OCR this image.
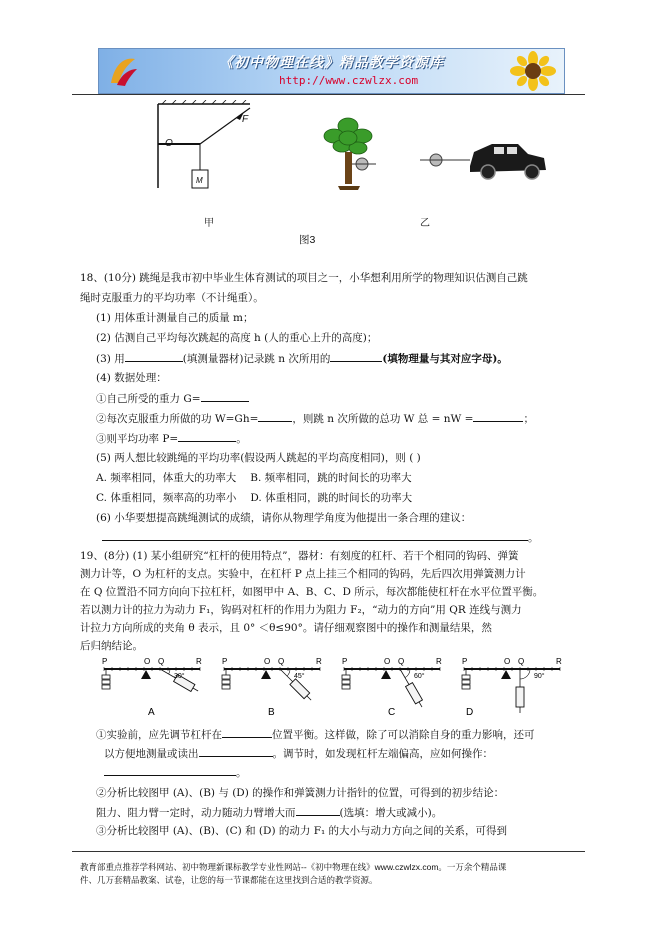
《初中物理在线》精品教学资源库
http://www.czwlzx.com
O
F
M
甲	乙
图3
18、(10分) 跳绳是我市初中毕业生体育测试的项目之一，小华想利用所学的物理知识估测自己跳
绳时克服重力的平均功率（不计绳重）。
(1) 用体重计测量自己的质量 m；
(2) 估测自己平均每次跳起的高度 h (人的重心上升的高度)；
(3) 用	(填测量器材)记录跳 n 次所用的	(填物理量与其对应字母)。
(4) 数据处理：
①自己所受的重力 G=
②每次克服重力所做的功 W=Gh=	，则跳 n 次所做的总功 W 总 = nW =	；
③则平均功率 P=	。
(5) 两人想比较跳绳的平均功率(假设两人跳起的平均高度相同)，则 ( )
A. 频率相同，体重大的功率大 B. 频率相同，跳的时间长的功率大
C. 体重相同，频率高的功率小 D. 体重相同，跳的时间长的功率大
(6) 小华要想提高跳绳测试的成绩，请你从物理学角度为他提出一条合理的建议：
。
19、(8分) (1) 某小组研究“杠杆的使用特点”，器材：有刻度的杠杆、若干个相同的钩码、弹簧
测力计等，O 为杠杆的支点。实验中，在杠杆 P 点上挂三个相同的钩码，先后四次用弹簧测力计
在 Q 位置沿不同方向向下拉杠杆，如图甲中 A、B、C、D 所示，每次都能使杠杆在水平位置平衡。
若以测力计的拉力为动力 F₁，钩码对杠杆的作用力为阻力 F₂，“动力的方向”用 QR 连线与测力
计拉力方向所成的夹角 θ 表示，且 0° ＜θ≤90°。请仔细观察图中的操作和测量结果，然
后归纳结论。
P	O Q	R
30°
A
P	O Q	R
45°
B
P	O Q	R
60°
C
P	O Q	R
90°
D
①实验前，应先调节杠杆在	位置平衡。这样做，除了可以消除自身的重力影响，还可
以方便地测量或读出	。调节时，如发现杠杆左端偏高，应如何操作：
。
②分析比较图甲 (A)、(B) 与 (D) 的操作和弹簧测力计指针的位置，可得到的初步结论：
阻力、阻力臂一定时，动力随动力臂增大而	(选填：增大或减小)。
③分析比较图甲 (A)、(B)、(C) 和 (D) 的动力 F₁ 的大小与动力方向之间的关系，可得到
教育部重点推荐学科网站、初中物理新课标教学专业性网站--《初中物理在线》www.czwlzx.com。一万余个精品课
件、几万套精品教案、试卷，让您的每一节课都能在这里找到合适的教学资源。
